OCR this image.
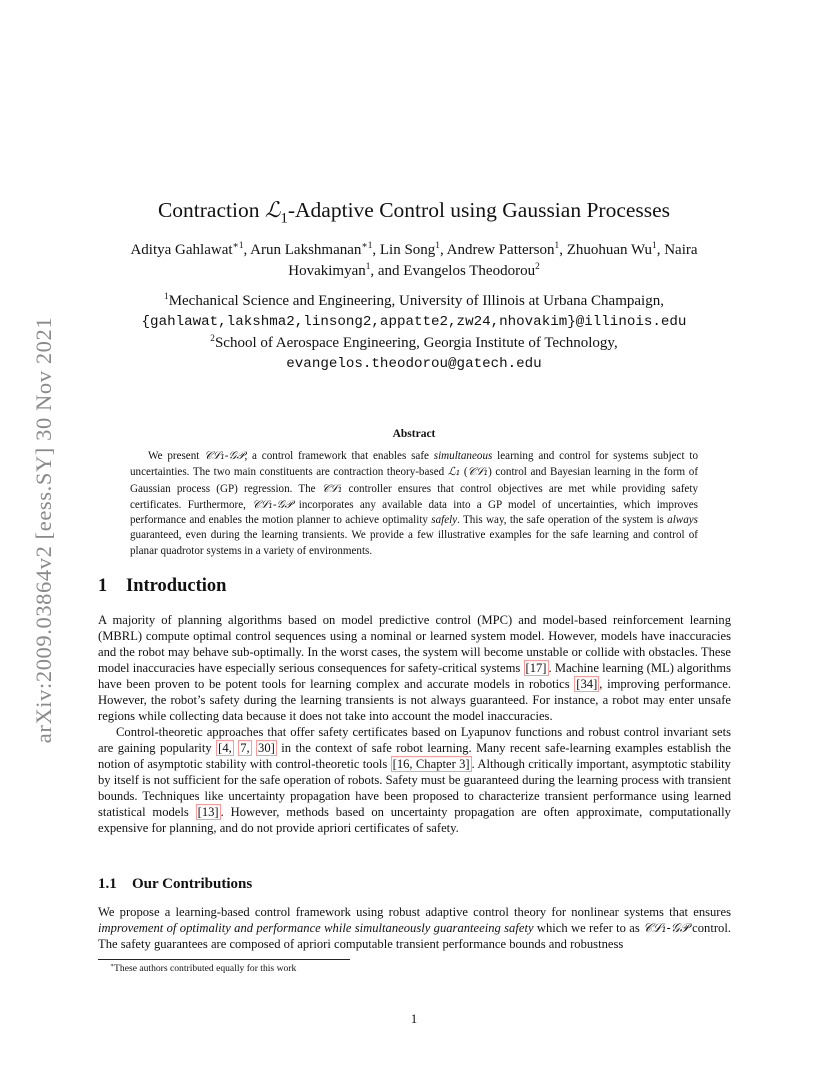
arXiv:2009.03864v2 [eess.SY] 30 Nov 2021
Contraction ℒ$_1$-Adaptive Control using Gaussian Processes
Aditya Gahlawat$^{∗1}$, Arun Lakshmanan$^{∗1}$, Lin Song$^1$, Andrew Patterson$^1$, Zhuohuan Wu$^1$, Naira Hovakimyan$^1$, and Evangelos Theodorou$^2$
$^1$Mechanical Science and Engineering, University of Illinois at Urbana Champaign,
{gahlawat,lakshma2,linsong2,appatte2,zw24,nhovakim}@illinois.edu
$^2$School of Aerospace Engineering, Georgia Institute of Technology,
evangelos.theodorou@gatech.edu
Abstract

We present 𝒞ℒ₁-𝒢𝒫, a control framework that enables safe simultaneous learning and control for systems subject to uncertainties. The two main constituents are contraction theory-based ℒ₁ (𝒞ℒ₁) control and Bayesian learning in the form of Gaussian process (GP) regression. The 𝒞ℒ₁ controller ensures that control objectives are met while providing safety certificates. Furthermore, 𝒞ℒ₁-𝒢𝒫 incorporates any available data into a GP model of uncertainties, which improves performance and enables the motion planner to achieve optimality safely. This way, the safe operation of the system is always guaranteed, even during the learning transients. We provide a few illustrative examples for the safe learning and control of planar quadrotor systems in a variety of environments.

1 Introduction

A majority of planning algorithms based on model predictive control (MPC) and model-based reinforcement learning (MBRL) compute optimal control sequences using a nominal or learned system model. However, models have inaccuracies and the robot may behave sub-optimally. In the worst cases, the system will become unstable or collide with obstacles. These model inaccuracies have especially serious consequences for safety-critical systems [17] . Machine learning (ML) algorithms have been proven to be potent tools for learning complex and accurate models in robotics [34] , improving performance. However, the robot’s safety during the learning transients is not always guaranteed. For instance, a robot may enter unsafe regions while collecting data because it does not take into account the model inaccuracies.

Control-theoretic approaches that offer safety certificates based on Lyapunov functions and robust control invariant sets are gaining popularity [4, 7, 30] in the context of safe robot learning. Many recent safe-learning examples establish the notion of asymptotic stability with control-theoretic tools [16, Chapter 3] . Although critically important, asymptotic stability by itself is not sufficient for the safe operation of robots. Safety must be guaranteed during the learning process with transient bounds. Techniques like uncertainty propagation have been proposed to characterize transient performance using learned statistical models [13] . However, methods based on uncertainty propagation are often approximate, computationally expensive for planning, and do not provide apriori certificates of safety.

1.1 Our Contributions

We propose a learning-based control framework using robust adaptive control theory for nonlinear systems that ensures improvement of optimality and performance while simultaneously guaranteeing safety which we refer to as 𝒞ℒ₁-𝒢𝒫 control. The safety guarantees are composed of apriori computable transient performance bounds and robustness

∗These authors contributed equally for this work
1
